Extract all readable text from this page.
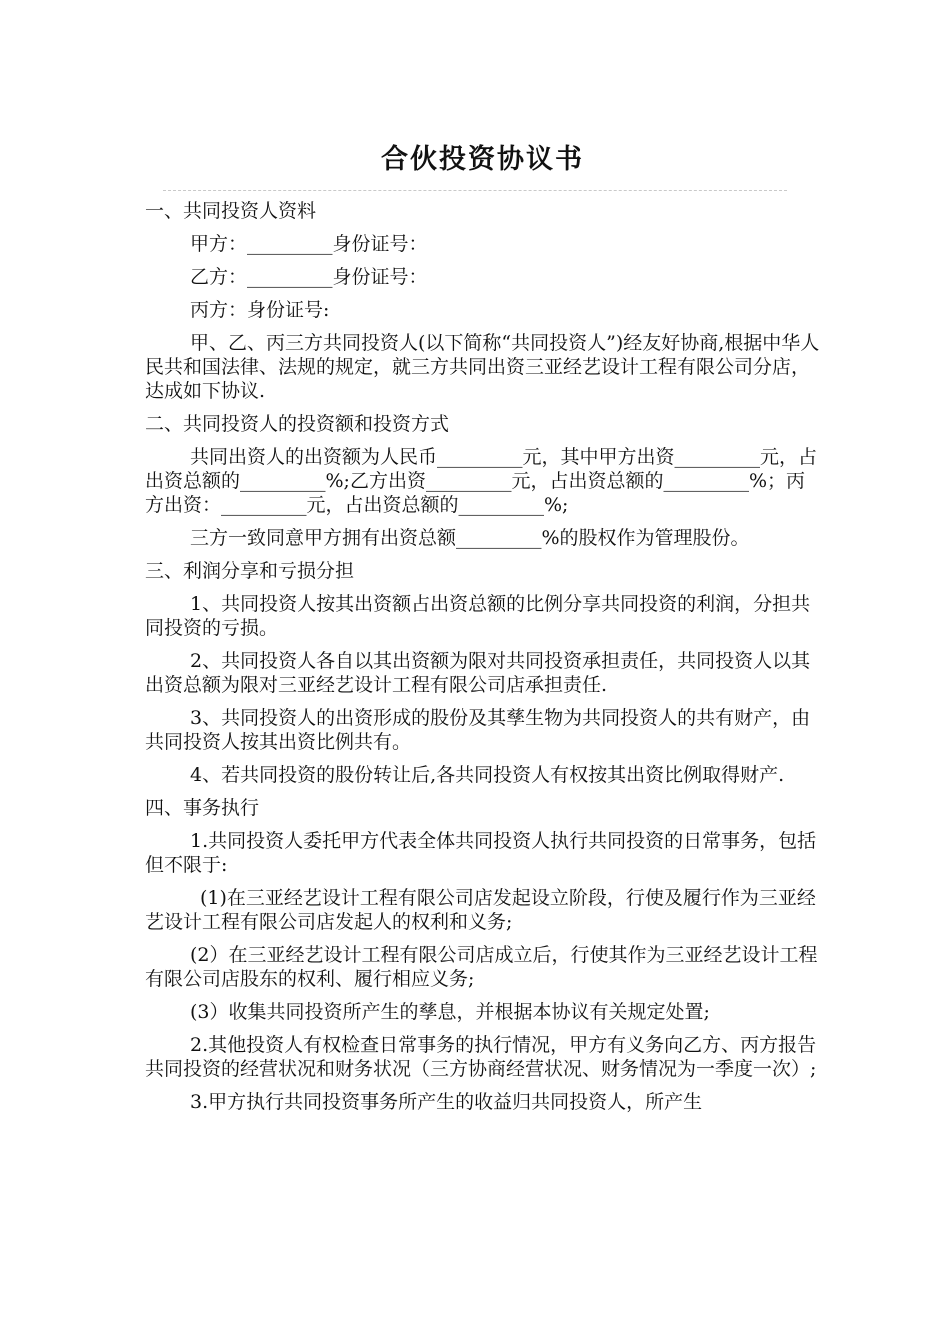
合伙投资协议书
一、共同投资人资料
甲方：_________身份证号：
乙方：_________身份证号：
丙方：身份证号:
甲、乙、丙三方共同投资人(以下简称“共同投资人”)经友好协商,根据中华人民共和国法律、法规的规定，就三方共同出资三亚经艺设计工程有限公司分店，达成如下协议.
二、共同投资人的投资额和投资方式
共同出资人的出资额为人民币_________元，其中甲方出资_________元，占出资总额的_________%;乙方出资_________元，占出资总额的_________%；丙方出资：_________元，占出资总额的_________%;
三方一致同意甲方拥有出资总额_________%的股权作为管理股份。
三、利润分享和亏损分担
1、共同投资人按其出资额占出资总额的比例分享共同投资的利润，分担共同投资的亏损。
2、共同投资人各自以其出资额为限对共同投资承担责任，共同投资人以其出资总额为限对三亚经艺设计工程有限公司店承担责任.
3、共同投资人的出资形成的股份及其孳生物为共同投资人的共有财产，由共同投资人按其出资比例共有。
4、若共同投资的股份转让后,各共同投资人有权按其出资比例取得财产.
四、事务执行
1.共同投资人委托甲方代表全体共同投资人执行共同投资的日常事务，包括但不限于:
(1)在三亚经艺设计工程有限公司店发起设立阶段，行使及履行作为三亚经艺设计工程有限公司店发起人的权利和义务;
(2）在三亚经艺设计工程有限公司店成立后，行使其作为三亚经艺设计工程有限公司店股东的权利、履行相应义务;
(3）收集共同投资所产生的孳息，并根据本协议有关规定处置;
2.其他投资人有权检查日常事务的执行情况，甲方有义务向乙方、丙方报告共同投资的经营状况和财务状况（三方协商经营状况、财务情况为一季度一次）;
3.甲方执行共同投资事务所产生的收益归共同投资人，所产生
